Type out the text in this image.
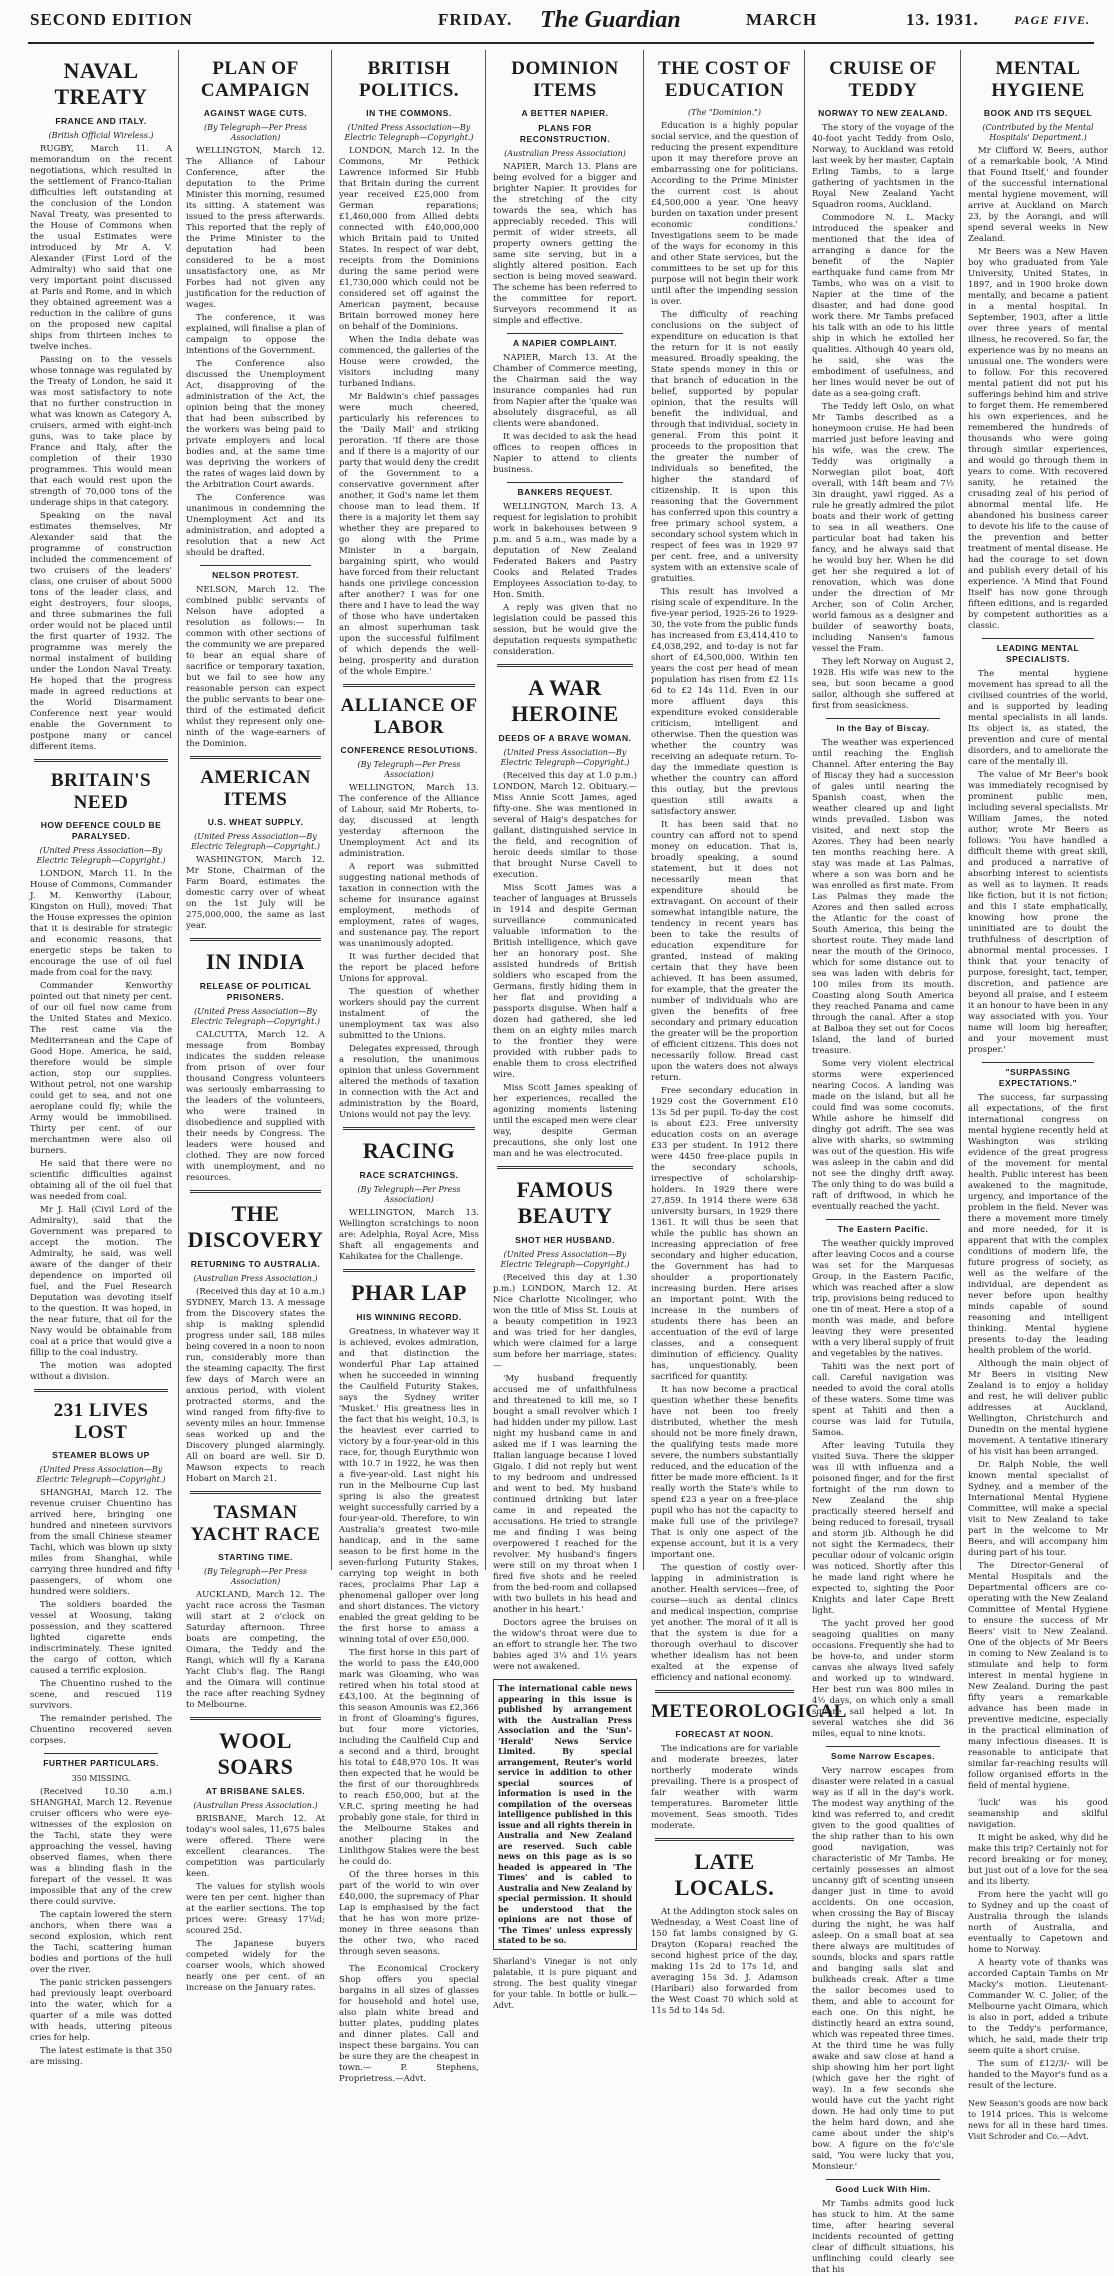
SECOND EDITION	FRIDAY. The Guardian	MARCH	13. 1931.	PAGE FIVE.
NAVAL TREATY
FRANCE AND ITALY.
(British Official Wireless.)

RUGBY, March 11. A memorandum on the recent negotiations, which resulted in the settlement of Franco-Italian difficulties left outstanding at the conclusion of the London Naval Treaty, was presented to the House of Commons when the usual Estimates were introduced by Mr A. V. Alexander (First Lord of the Admiralty) who said that one very important point discussed at Paris and Rome, and in which they obtained agreement was a reduction in the calibre of guns on the proposed new capital ships from thirteen inches to twelve inches.

Passing on to the vessels whose tonnage was regulated by the Treaty of London, he said it was most satisfactory to note that no further construction in what was known as Category A, cruisers, armed with eight-inch guns, was to take place by France and Italy, after the completion of their 1930 programmes. This would mean that each would rest upon the strength of 70,000 tons of the underage ships in that category.

Speaking on the naval estimates themselves, Mr Alexander said that the programme of construction included the commencement of two cruisers of the leaders' class, one cruiser of about 5000 tons of the leader class, and eight destroyers, four sloops, and three submarines the full order would not be placed until the first quarter of 1932. The programme was merely the normal instalment of building under the London Naval Treaty. He hoped that the progress made in agreed reductions at the World Disarmament Conference next year would enable the Government to postpone many or cancel different items.

BRITAIN'S NEED
HOW DEFENCE COULD BE PARALYSED.
(United Press Association—By Electric Telegraph—Copyright.)

LONDON, March 11. In the House of Commons, Commander J. M. Kenworthy (Labour, Kingston on Hull), moved: That the House expresses the opinion that it is desirable for strategic and economic reasons, that energetic steps be taken to encourage the use of oil fuel made from coal for the navy.

Commander Kenworthy pointed out that ninety per cent. of our oil fuel now came from the United States and Mexico. The rest came via the Mediterranean and the Cape of Good Hope. America, he said, therefore would be simple action, stop our supplies. Without petrol, not one warship could get to sea, and not one aeroplane could fly; while the Army would be immobilised. Thirty per cent. of our merchantmen were also oil burners.

He said that there were no scientific difficulties against obtaining all of the oil fuel that was needed from coal.

Mr J. Hall (Civil Lord of the Admiralty), said that the Government was prepared to accept the motion. The Admiralty, he said, was well aware of the danger of their dependence on imported oil fuel, and the Fuel Research Deputation was devoting itself to the question. It was hoped, in the near future, that oil for the Navy would be obtainable from coal at a price that would give a fillip to the coal industry.

The motion was adopted without a division.

231 LIVES LOST
STEAMER BLOWS UP
(United Press Association—By Electric Telegraph—Copyright.)

SHANGHAI, March 12. The revenue cruiser Chuentino has arrived here, bringing one hundred and nineteen survivors from the small Chinese steamer Tachi, which was blown up sixty miles from Shanghai, while carrying three hundred and fifty passengers, of whom one hundred were soldiers.

The soldiers boarded the vessel at Woosung, taking possession, and they scattered lighted cigarette ends indiscriminately. These ignited the cargo of cotton, which caused a terrific explosion.

The Chuentino rushed to the scene, and rescued 119 survivors.

The remainder perished. The Chuentino recovered seven corpses.

FURTHER PARTICULARS.
350 MISSING.

(Received 10.30 a.m.) SHANGHAI, March 12. Revenue cruiser officers who were eye-witnesses of the explosion on the Tachi, state they were approaching the vessel, having observed flames, when there was a blinding flash in the forepart of the vessel. It was impossible that any of the crew there could survive.

The captain lowered the stern anchors, when there was a second explosion, which rent the Tachi, scattering human bodies and portions of the hull over the river.

The panic stricken passengers had previously leapt overboard into the water, which for a quarter of a mile was dotted with heads, uttering piteous cries for help.

The latest estimate is that 350 are missing.

PLAN OF CAMPAIGN
AGAINST WAGE CUTS.
(By Telegraph—Per Press Association)

WELLINGTON, March 12. The Alliance of Labour Conference, after the deputation to the Prime Minister this morning, resumed its sitting. A statement was issued to the press afterwards. This reported that the reply of the Prime Minister to the deputation had been considered to be a most unsatisfactory one, as Mr Forbes had not given any justification for the reduction of wages.

The conference, it was explained, will finalise a plan of campaign to oppose the intentions of the Government.

The Conference also discussed the Unemployment Act, disapproving of the administration of the Act, the opinion being that the money that had been subscribed by the workers was being paid to private employers and local bodies and, at the same time was depriving the workers of the rates of wages laid down by the Arbitration Court awards.

The Conference was unanimous in condemning the Unemployment Act and its administration, and adopted a resolution that a new Act should be drafted.

NELSON PROTEST.

NELSON, March 12. The combined public servants of Nelson have adopted a resolution as follows:— In common with other sections of the community we are prepared to bear an equal share of sacrifice or temporary taxation, but we fail to see how any reasonable person can expect the public servants to bear one-third of the estimated deficit whilst they represent only one-ninth of the wage-earners of the Dominion.

AMERICAN ITEMS
U.S. WHEAT SUPPLY.
(United Press Association—By Electric Telegraph—Copyright.)

WASHINGTON, March 12. Mr Stone, Chairman of the Farm Board, estimates the domestic carry over of wheat on the 1st July will be 275,000,000, the same as last year.

IN INDIA
RELEASE OF POLITICAL PRISONERS.
(United Press Association—By Electric Telegraph—Copyright.)

CALCUTTA, March 12. A message from Bombay indicates the sudden release from prison of over four thousand Congress volunteers was seriously embarrassing to the leaders of the volunteers, who were trained in disobedience and supplied with their needs by Congress. The leaders were housed and clothed. They are now forced with unemployment, and no resources.

THE DISCOVERY
RETURNING TO AUSTRALIA.
(Australian Press Association.)

(Received this day at 10 a.m.) SYDNEY, March 13. A message from the Discovery states the ship is making splendid progress under sail, 188 miles being covered in a noon to noon run, considerably more than the steaming capacity. The first few days of March were an anxious period, with violent protracted storms, and the wind ranged from fifty-five to seventy miles an hour. Immense seas worked up and the Discovery plunged alarmingly. All on board are well. Sir D. Mawson expects to reach Hobart on March 21.

TASMAN YACHT RACE
STARTING TIME.
(By Telegraph—Per Press Association)

AUCKLAND, March 12. The yacht race across the Tasman will start at 2 o'clock on Saturday afternoon. Three boats are competing, the Oimara, the Teddy and the Rangi, which will fly a Karana Yacht Club's flag. The Rangi and the Oimara will continue the race after reaching Sydney to Melbourne.

WOOL SOARS
AT BRISBANE SALES.
(Australian Press Association.)

BRISBANE, March 12. At today's wool sales, 11,675 bales were offered. There were excellent clearances. The competition was particularly keen.

The values for stylish wools were ten per cent. higher than at the earlier sections. The top prices were: Greasy 17¼d; scoured 25d.

The Japanese buyers competed widely for the coarser wools, which showed nearly one per cent. of an increase on the January rates.

BRITISH POLITICS.
IN THE COMMONS.
(United Press Association—By Electric Telegraph—Copyright.)

LONDON, March 12. In the Commons, Mr Pethick Lawrence informed Sir Hubb that Britain during the current year received £25,000 from German reparations; £1,460,000 from Allied debts connected with £40,000,000 which Britain paid to United States. In respect of war debt, receipts from the Dominions during the same period were £1,730,000 which could not be considered set off against the American payment, because Britain borrowed money here on behalf of the Dominions.

When the India debate was commenced, the galleries of the House were crowded, the visitors including many turbaned Indians.

Mr Baldwin's chief passages were much cheered, particularly his references to the 'Daily Mail' and striking peroration. 'If there are those and if there is a majority of our party that would deny the credit of the Government to a conservative government after another, it God's name let them choose man to lead them. If there is a majority let them say whether they are prepared to go along with the Prime Minister in a bargain, bargaining spirit, who would have forced from their reluctant hands one privilege concession after another? I was for one there and I have to lead the way of those who have undertaken an almost superhuman task upon the successful fulfilment of which depends the well-being, prosperity and duration of the whole Empire.'

ALLIANCE OF LABOR
CONFERENCE RESOLUTIONS.
(By Telegraph—Per Press Association)

WELLINGTON, March 13. The conference of the Alliance of Labour, said Mr Roberts, to-day, discussed at length yesterday afternoon the Unemployment Act and its administration.

A report was submitted suggesting national methods of taxation in connection with the scheme for insurance against employment, methods of employment, rates of wages, and sustenance pay. The report was unanimously adopted.

It was further decided that the report be placed before Unions for approval.

The question of whether workers should pay the current instalment of the unemployment tax was also submitted to the Unions.

Delegates expressed, through a resolution, the unanimous opinion that unless Government altered the methods of taxation in connection with the Act and administration by the Board, Unions would not pay the levy.

RACING
RACE SCRATCHINGS.
(By Telegraph—Per Press Association)

WELLINGTON, March 13. Wellington scratchings to noon are: Adelphia, Royal Acre, Miss Shaft all engagements and Kahikatea for the Challenge.

PHAR LAP
HIS WINNING RECORD.

Greatness, in whatever way it is achieved, evokes admiration, and that distinction the wonderful Phar Lap attained when he succeeded in winning the Caulfield Futurity Stakes, says the Sydney writer 'Musket.' His greatness lies in the fact that his weight, 10.3, is the heaviest ever carried to victory by a four-year-old in this race, for, though Eurythmic won with 10.7 in 1922, he was then a five-year-old. Last night his run in the Melbourne Cup last spring is also the greatest weight successfully carried by a four-year-old. Therefore, to win Australia's greatest two-mile handicap, and in the same season to be first home in the seven-furlong Futurity Stakes, carrying top weight in both races, proclaims Phar Lap a phenomenal galloper over long and short distances. The victory enabled the great gelding to be the first horse to amass a winning total of over £50,000.

The first horse in this part of the world to pass the £40,000 mark was Gloaming, who was retired when his total stood at £43,100. At the beginning of this season Amounis was £2,366 in front of Gloaming's figures, but four more victories, including the Caulfield Cup and a second and a third, brought his total to £48,970 10s. It was then expected that he would be the first of our thoroughbreds to reach £50,000, but at the V.R.C. spring meeting he had probably gone stale, for third in the Melbourne Stakes and another placing in the Linlithgow Stakes were the best he could do.

Of the three horses in this part of the world to win over £40,000, the supremacy of Phar Lap is emphasised by the fact that he has won more prize-money in three seasons than the other two, who raced through seven seasons.

The Economical Crockery Shop offers you special bargains in all sizes of glasses for household and hotel use, also plain white bread and butter plates, pudding plates and dinner plates. Call and inspect these bargains. You can be sure they are the cheapest in town.— P. Stephens, Proprietress.—Advt.

DOMINION ITEMS
A BETTER NAPIER.
PLANS FOR RECONSTRUCTION.
(Australian Press Association)

NAPIER, March 13. Plans are being evolved for a bigger and brighter Napier. It provides for the stretching of the city towards the sea, which has appreciably receded. This will permit of wider streets, all property owners getting the same site serving, but in a slightly altered position. Each section is being moved seaward. The scheme has been referred to the committee for report. Surveyors recommend it as simple and effective.

A NAPIER COMPLAINT.

NAPIER, March 13. At the Chamber of Commerce meeting, the Chairman said the way insurance companies had run from Napier after the 'quake was absolutely disgraceful, as all clients were abandoned.

It was decided to ask the head offices to reopen offices in Napier to attend to clients business.

BANKERS REQUEST.

WELLINGTON, March 13. A request for legislation to prohibit work in bakehouses between 9 p.m. and 5 a.m., was made by a deputation of New Zealand Federated Bakers and Pastry Cooks and Related Trades Employees Association to-day, to Hon. Smith.

A reply was given that no legislation could be passed this session, but he would give the deputation requests sympathetic consideration.

A WAR HEROINE
DEEDS OF A BRAVE WOMAN.
(United Press Association—By Electric Telegraph—Copyright.)

(Received this day at 1.0 p.m.) LONDON, March 12. Obituary.—Miss Annie Scott James, aged fifty-one. She was mentioned in several of Haig's despatches for gallant, distinguished service in the field, and recognition of heroic deeds similar to those that brought Nurse Cavell to execution.

Miss Scott James was a teacher of languages at Brussels in 1914 and despite German surveillance communicated valuable information to the British intelligence, which gave her an honorary post. She assisted hundreds of British soldiers who escaped from the Germans, firstly hiding them in her flat and providing a passports disguise. When half a dozen had gathered, she led them on an eighty miles march to the frontier they were provided with rubber pads to enable them to cross electrified wire.

Miss Scott James speaking of her experiences, recalled the agonizing moments listening until the escaped men were clear way, despite German precautions, she only lost one man and he was electrocuted.

FAMOUS BEAUTY
SHOT HER HUSBAND.
(United Press Association—By Electric Telegraph—Copyright.)

(Received this day at 1.30 p.m.) LONDON, March 12. At Nice Charlotte Nicolinger, who won the title of Miss St. Louis at a beauty competition in 1923 and was tried for her dangles, which were claimed for a large sum before her marriage, states:—

'My husband frequently accused me of unfaithfulness and threatened to kill me, so I bought a small revolver which I had hidden under my pillow. Last night my husband came in and asked me if I was learning the Italian language because I loved Gigalo. I did not reply but went to my bedroom and undressed and went to bed. My husband continued drinking but later came in and repeated the accusations. He tried to strangle me and finding I was being overpowered I reached for the revolver. My husband's fingers were still on my throat when I fired five shots and he reeled from the bed-room and collapsed with two bullets in his head and another in his heart.'

Doctors agree the bruises on the widow's throat were due to an effort to strangle her. The two babies aged 3¼ and 1½ years were not awakened.

The international cable news appearing in this issue is published by arrangement with the Australian Press Association and the 'Sun'-'Herald' News Service Limited. By special arrangement, Reuter's world service in addition to other special sources of information is used in the compilation of the overseas intelligence published in this issue and all rights therein in Australia and New Zealand are reserved. Such cable news on this page as is so headed is appeared in 'The Times' and is cabled to Australia and New Zealand by special permission. It should be understood that the opinions are not those of 'The Times' unless expressly stated to be so.
Sharland's Vinegar is not only palatable, it is pure piquant and strong. The best quality vinegar for your table. In bottle or bulk.—Advt.
THE COST OF EDUCATION
(The "Dominion.")

Education is a highly popular social service, and the question of reducing the present expenditure upon it may therefore prove an embarrassing one for politicians. According to the Prime Minister the current cost is about £4,500,000 a year. 'One heavy burden on taxation under present economic conditions.' Investigations seem to be made of the ways for economy in this and other State services, but the committees to be set up for this purpose will not begin their work until after the impending session is over.

The difficulty of reaching conclusions on the subject of expenditure on education is that the return for it is not easily measured. Broadly speaking, the State spends money in this or that branch of education in the belief, supported by popular opinion, that the results will benefit the individual, and through that individual, society in general. From this point it proceeds to the proposition that the greater the number of individuals so benefited, the higher the standard of citizenship. It is upon this reasoning that the Government has conferred upon this country a free primary school system, a secondary school system which in respect of fees was in 1929 97 per cent. free, and a university system with an extensive scale of gratuities.

This result has involved a rising scale of expenditure. In the five-year period, 1925-26 to 1929-30, the vote from the public funds has increased from £3,414,410 to £4,038,292, and to-day is not far short of £4,500,000. Within ten years the cost per head of mean population has risen from £2 11s 6d to £2 14s 11d. Even in our more affluent days this expenditure evoked considerable criticism, intelligent and otherwise. Then the question was whether the country was receiving an adequate return. To-day the immediate question is whether the country can afford this outlay, but the previous question still awaits a satisfactory answer.

It has been said that no country can afford not to spend money on education. That is, broadly speaking, a sound statement, but it does not necessarily mean that expenditure should be extravagant. On account of their somewhat intangible nature, the tendency in recent years has been to take the results of education expenditure for granted, instead of making certain that they have been achieved. It has been assumed, for example, that the greater the number of individuals who are given the benefits of free secondary and primary education the greater will be the proportion of efficient citizens. This does not necessarily follow. Bread cast upon the waters does not always return.

Free secondary education in 1929 cost the Government £10 13s 5d per pupil. To-day the cost is about £23. Free university education costs on an average £33 per student. In 1912 there were 4450 free-place pupils in the secondary schools, irrespective of scholarship-holders. In 1929 there were 27,859. In 1914 there were 638 university bursars, in 1929 there 1361. It will thus be seen that while the public has shown an increasing appreciation of free secondary and higher education, the Government has had to shoulder a proportionately increasing burden. Here arises an important point. With the increase in the numbers of students there has been an accentuation of the evil of large classes, and a consequent diminution of efficiency. Quality has, unquestionably, been sacrificed for quantity.

It has now become a practical question whether these benefits have not been too freely distributed, whether the mesh should not be more finely drawn, the qualifying tests made more severe, the numbers substantially reduced, and the education of the fitter be made more efficient. Is it really worth the State's while to spend £23 a year on a free-place pupil who has not the capacity to make full use of the privilege? That is only one aspect of the expense account, but it is a very important one.

The question of costly over-lapping in administration is another. Health services—free, of course—such as dental clinics and medical inspection, comprise yet another. The moral of it all is that the system is due for a thorough overhaul to discover whether idealism has not been exalted at the expense of efficiency and national economy.

METEOROLOGICAL
FORECAST AT NOON.

The indications are for variable and moderate breezes, later northerly moderate winds prevailing. There is a prospect of fair weather with warm temperatures. Barometer little movement. Seas smooth. Tides moderate.

LATE LOCALS.

At the Addington stock sales on Wednesday, a West Coast line of 150 fat lambs consigned by G. Drayton (Kopara) reached the second highest price of the day, making 11s 2d to 17s 1d, and averaging 15s 3d. J. Adamson (Haribari) also forwarded from the West Coast 70 which sold at 11s 5d to 14s 5d.

CRUISE OF TEDDY
NORWAY TO NEW ZEALAND.

The story of the voyage of the 40-foot yacht Teddy from Oslo, Norway, to Auckland was retold last week by her master, Captain Erling Tambs, to a large gathering of yachtsmen in the Royal New Zealand Yacht Squadron rooms, Auckland.

Commodore N. L. Macky introduced the speaker and mentioned that the idea of arranging a dance for the benefit of the Napier earthquake fund came from Mr Tambs, who was on a visit to Napier at the time of the disaster, and had done good work there. Mr Tambs prefaced his talk with an ode to his little ship in which he extolled her qualities. Although 40 years old, he said, she was the embodiment of usefulness, and her lines would never be out of date as a sea-going craft.

The Teddy left Oslo, on what Mr Tambs described as a honeymoon cruise. He had been married just before leaving and his wife, was the crew. The Teddy was originally a Norwegian pilot boat, 40ft overall, with 14ft beam and 7½ 3in draught, yawl rigged. As a rule he greatly admired the pilot boats and their work of getting to sea in all weathers. One particular boat had taken his fancy, and he always said that he would buy her. When he did get her she required a lot of renovation, which was done under the direction of Mr Archer, son of Colin Archer, world famous as a designer and builder of seaworthy boats, including Nansen's famous vessel the Fram.

They left Norway on August 2, 1928. His wife was new to the sea, but soon became a good sailor, although she suffered at first from seasickness.

In the Bay of Biscay.

The weather was experienced until reaching the English Channel. After entering the Bay of Biscay they had a succession of gales until nearing the Spanish coast, when the weather cleared up and light winds prevailed. Lisbon was visited, and next stop the Azores. They had been nearly ten months reaching here. A stay was made at Las Palmas, where a son was born and he was enrolled as first mate. From Las Palmas they made the Azores and then sailed across the Atlantic for the coast of South America, this being the shortest route. They made land near the mouth of the Orinoco, which for some distance out to sea was laden with debris for 100 miles from its mouth. Coasting along South America they reached Panama and came through the canal. After a stop at Balboa they set out for Cocos Island, the land of buried treasure.

Some very violent electrical storms were experienced nearing Cocos. A landing was made on the island, but all he could find was some coconuts. While ashore he himself did dinghy got adrift. The sea was alive with sharks, so swimming was out of the question. His wife was asleep in the cabin and did not see the dinghy drift away. The only thing to do was build a raft of driftwood, in which he eventually reached the yacht.

The Eastern Pacific.

The weather quickly improved after leaving Cocos and a course was set for the Marquesas Group, in the Eastern Pacific, which was reached after a slow trip, provisions being reduced to one tin of meat. Here a stop of a month was made, and before leaving they were presented with a very liberal supply of fruit and vegetables by the natives.

Tahiti was the next port of call. Careful navigation was needed to avoid the coral atolls of these waters. Some time was spent at Tahiti and then a course was laid for Tutuila, Samoa.

After leaving Tutuila they visited Suva. There the skipper was ill with influenza and a poisoned finger, and for the first fortnight of the run down to New Zealand the ship practically steered herself and being reduced to foresail, trysail and storm jib. Although he did not sight the Kermadecs, their peculiar odour of volcanic origin was noticed. Shortly after this he made land right where he expected to, sighting the Poor Knights and later Cape Brett light.

The yacht proved her good seagoing qualities on many occasions. Frequently she had to be hove-to, and under storm canvas she always lived safely and worked up to windward. Her best run was 800 miles in 4½ days, on which only a small square sail helped a lot. In several watches she did 36 miles, equal to nine knots.

Some Narrow Escapes.

Very narrow escapes from disaster were related in a casual way as if all in the day's work. The modest way anything of the kind was referred to, and credit given to the good qualities of the ship rather than to his own good navigation, was characteristic of Mr Tambs. He certainly possesses an almost uncanny gift of scenting unseen danger just in time to avoid accidents. On one occasion, when crossing the Bay of Biscay during the night, he was half asleep. On a small boat at sea there always are multitudes of sounds, blocks and spars rattle and banging sails slat and bulkheads creak. After a time the sailor becomes used to them, and able to account for each one. On this night, he distinctly heard an extra sound, which was repeated three times. At the third time he was fully awake and saw close at hand a ship showing him her port light (which gave her the right of way). In a few seconds she would have cut the yacht right down. He had only time to put the helm hard down, and she came about under the ship's bow. A figure on the fo'c'sle said, 'You were lucky that you, Monsieur.'

Good Luck With Him.

Mr Tambs admits good luck has stuck to him. At the same time, after hearing several incidents recounted of getting clear of difficult situations, his unflinching could clearly see that his

MENTAL HYGIENE
BOOK AND ITS SEQUEL
(Contributed by the Mental Hospitals' Department.)

Mr Clifford W. Beers, author of a remarkable book, 'A Mind that Found Itself,' and founder of the successful international mental hygiene movement, will arrive at Auckland on March 23, by the Aorangi, and will spend several weeks in New Zealand.

Mr Beers was a New Haven boy who graduated from Yale University, United States, in 1897, and in 1900 broke down mentally, and became a patient in a mental hospital. In September, 1903, after a little over three years of mental illness, he recovered. So far, the experience was by no means an unusual one. The wonders were to follow. For this recovered mental patient did not put his sufferings behind him and strive to forget them. He remembered his own experiences, and he remembered the hundreds of thousands who were going through similar experiences, and would go through them in years to come. With recovered sanity, he retained the crusading zeal of his period of abnormal mental life. He abandoned his business career to devote his life to the cause of the prevention and better treatment of mental disease. He had the courage to set down and publish every detail of his experience. 'A Mind that Found Itself' has now gone through fifteen editions, and is regarded by competent authorities as a classic.

LEADING MENTAL SPECIALISTS.

The mental hygiene movement has spread to all the civilised countries of the world, and is supported by leading mental specialists in all lands. Its object is, as stated, the prevention and cure of mental disorders, and to ameliorate the care of the mentally ill.

The value of Mr Beer's book was immediately recognised by prominent public men, including several specialists. Mr William James, the noted author, wrote Mr Beers as follows: 'You have handled a difficult theme with great skill, and produced a narrative of absorbing interest to scientists as well as to laymen. It reads like fiction, but it is not fiction; and this I state emphatically, knowing how prone the uninitiated are to doubt the truthfulness of description of abnormal mental processes. I think that your tenacity of purpose, foresight, tact, temper, discretion, and patience are beyond all praise, and I esteem it an honour to have been in any way associated with you. Your name will loom big hereafter, and your movement must prosper.'

"SURPASSING EXPECTATIONS."

The success, far surpassing all expectations, of the first international congress on mental hygiene recently held at Washington was striking evidence of the great progress of the movement for mental health. Public interest has been awakened to the magnitude, urgency, and importance of the problem in the field. Never was there a movement more timely and more needed, for it is apparent that with the complex conditions of modern life, the future progress of society, as well as the welfare of the individual, are dependent as never before upon healthy minds capable of sound reasoning and intelligent thinking. Mental hygiene presents to-day the leading health problem of the world.

Although the main object of Mr Beers in visiting New Zealand is to enjoy a holiday and rest, he will deliver public addresses at Auckland, Wellington, Christchurch and Dunedin on the mental hygiene movement. A tentative itinerary of his visit has been arranged.

Dr. Ralph Noble, the well known mental specialist of Sydney, and a member of the International Mental Hygiene Committee, will make a special visit to New Zealand to take part in the welcome to Mr Beers, and will accompany him during part of his tour.

The Director-General of Mental Hospitals and the Departmental officers are co-operating with the New Zealand Committee of Mental Hygiene to ensure the success of Mr Beers' visit to New Zealand. One of the objects of Mr Beers in coming to New Zealand is to stimulate and help to form interest in mental hygiene in New Zealand. During the past fifty years a remarkable advance has been made in preventive medicine, especially in the practical elimination of many infectious diseases. It is reasonable to anticipate that similar far-reaching results will follow organised efforts in the field of mental hygiene.

'luck' was his good seamanship and skilful navigation.

It might be asked, why did he make this trip? Certainly not for record breaking or for money, but just out of a love for the sea and its liberty.

From here the yacht will go to Sydney and up the coast of Australia through the islands north of Australia, and eventually to Capetown and home to Norway.

A hearty vote of thanks was accorded Captain Tambs on Mr Macky's motion. Lieutenant-Commander W. C. Jolier, of the Melbourne yacht Oimara, which is also in port, added a tribute to the Teddy's performance, which, he said, made their trip seem quite a short cruise.

The sum of £12/3/- will be handed to the Mayor's fund as a result of the lecture.

New Season's goods are now back to 1914 prices. This is welcome news for all in these hard times. Visit Schroder and Co.—Advt.
